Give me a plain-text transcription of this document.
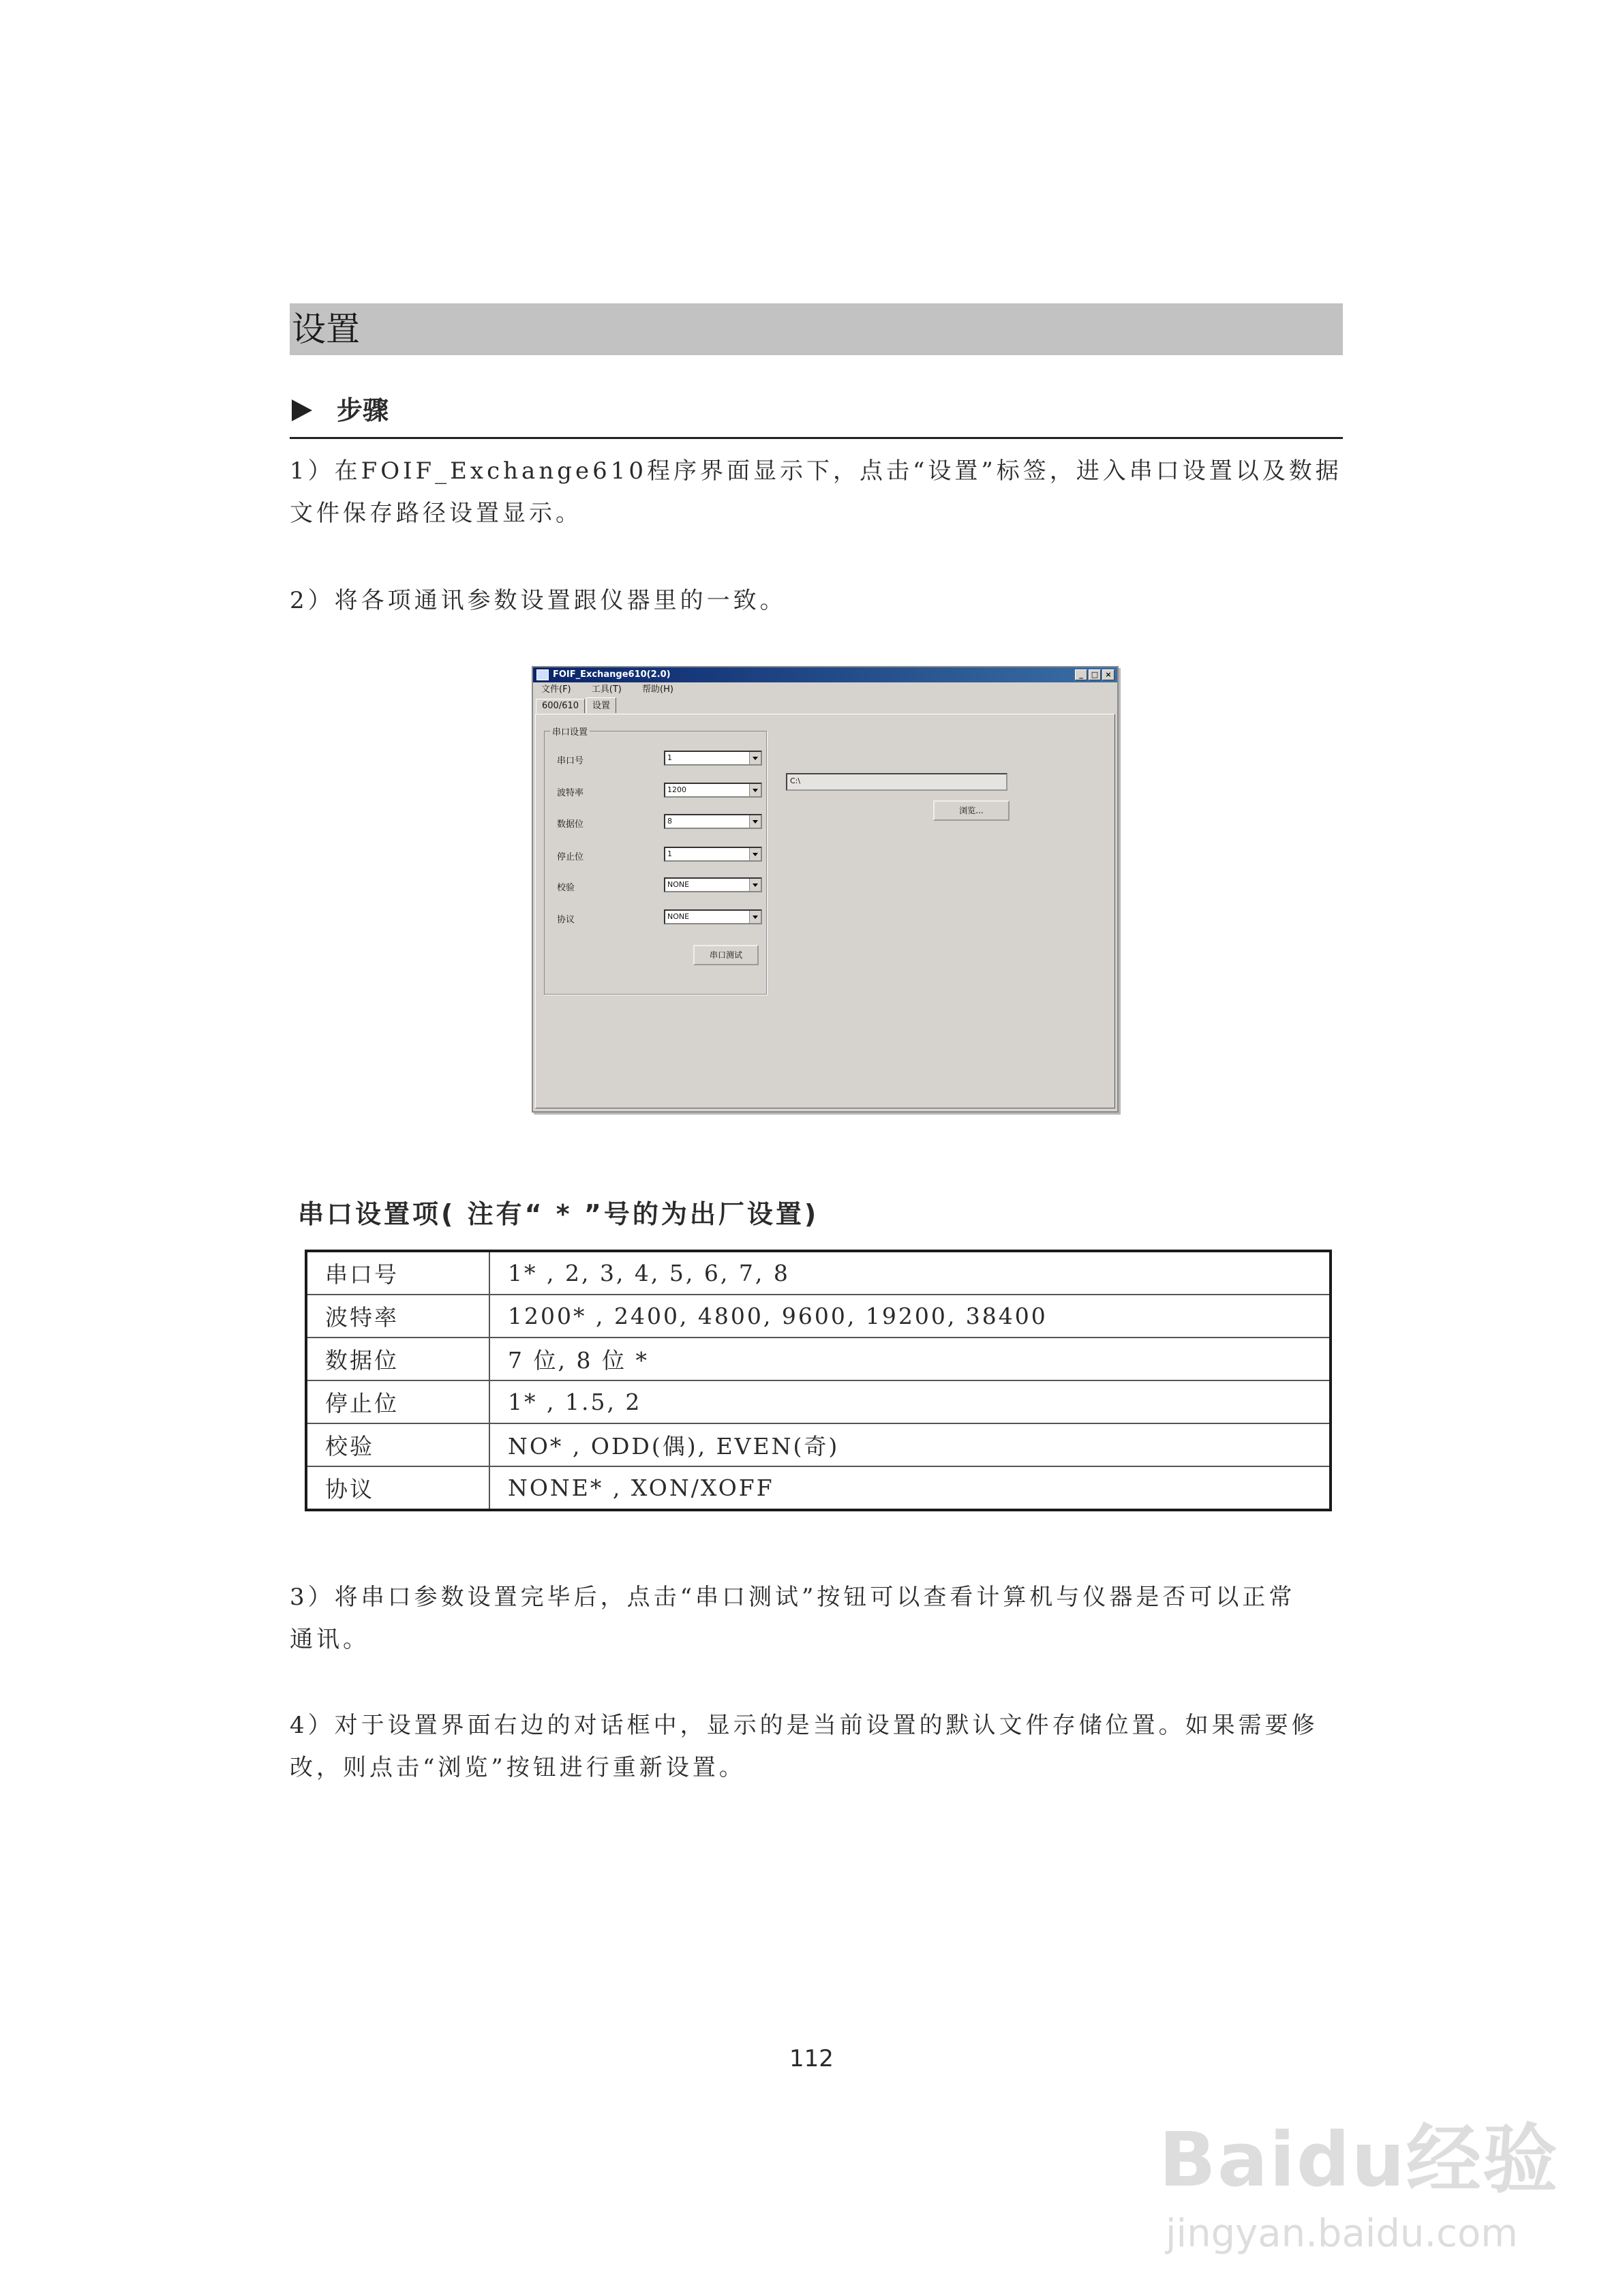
设置
步骤
1）在FOIF_Exchange610程序界面显示下，点击“设置”标签，进入串口设置以及数据
文件保存路径设置显示。
2）将各项通讯参数设置跟仪器里的一致。
FOIF_Exchange610(2.0)	_	□ ×
文件(F) 工具(T) 帮助(H)
600/610	设置
串口设置
串口号	1
波特率	1200
数据位	8
停止位	1
校验	NONE
协议	NONE
串口测试
C:\
浏览...
串口设置项( 注有“ * ”号的为出厂设置)
串口号	1* , 2, 3, 4, 5, 6, 7, 8
波特率	1200* , 2400, 4800, 9600, 19200, 38400
数据位	7 位, 8 位 *
停止位	1* , 1.5, 2
校验	NO* , ODD(偶), EVEN(奇)
协议	NONE* , XON/XOFF
3）将串口参数设置完毕后，点击“串口测试”按钮可以查看计算机与仪器是否可以正常
通讯。
4）对于设置界面右边的对话框中，显示的是当前设置的默认文件存储位置。如果需要修
改，则点击“浏览”按钮进行重新设置。
112
Baidu经验
jingyan.baidu.com
